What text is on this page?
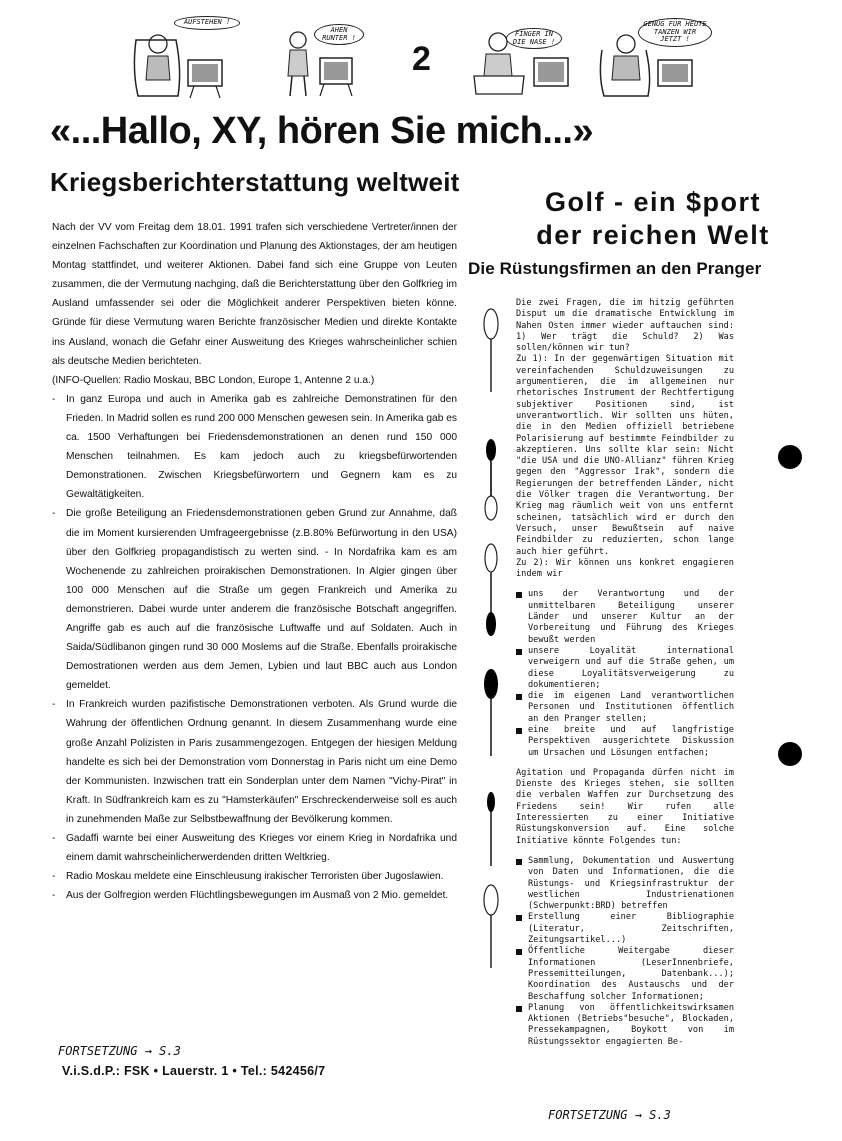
AUFSTEHEN !
AHEN
RUNTER !
2
FINGER IN
DIE NASE !
GENUG FÜR HEUTE
TANZEN WIR JETZT !
«...Hallo, XY, hören Sie mich...»
Kriegsberichterstattung weltweit

Nach der VV vom Freitag dem 18.01. 1991 trafen sich verschiedene Vertreter/innen der einzelnen Fachschaften zur Koordination und Planung des Aktionstages, der am heutigen Montag stattfindet, und weiterer Aktionen. Dabei fand sich eine Gruppe von Leuten zusammen, die der Vermutung nachging, daß die Berichterstattung über den Golfkrieg im Ausland umfassender sei oder die Möglichkeit anderer Perspektiven bieten könne. Gründe für diese Vermutung waren Berichte französischer Medien und direkte Kontakte ins Ausland, wonach die Gefahr einer Ausweitung des Krieges wahrscheinlicher schien als deutsche Medien berichteten.

(INFO-Quellen: Radio Moskau, BBC London, Europe 1, Antenne 2 u.a.)

- In ganz Europa und auch in Amerika gab es zahlreiche Demonstratinen für den Frieden. In Madrid sollen es rund 200 000 Menschen gewesen sein. In Amerika gab es ca. 1500 Verhaftungen bei Friedensdemonstrationen an denen rund 150 000 Menschen teilnahmen. Es kam jedoch auch zu kriegsbefürwortenden Demonstrationen. Zwischen Kriegsbefürwortern und Gegnern kam es zu Gewaltätigkeiten.

- Die große Beteiligung an Friedensdemonstrationen geben Grund zur Annahme, daß die im Moment kursierenden Umfrageergebnisse (z.B.80% Befürwortung in den USA) über den Golfkrieg propagandistisch zu werten sind. - In Nordafrika kam es am Wochenende zu zahlreichen proirakischen Demonstrationen. In Algier gingen über 100 000 Menschen auf die Straße um gegen Frankreich und Amerika zu demonstrieren. Dabei wurde unter anderem die französische Botschaft angegriffen. Angriffe gab es auch auf die französische Luftwaffe und auf Soldaten. Auch in Saida/Südlibanon gingen rund 30 000 Moslems auf die Straße. Ebenfalls proirakische Demostrationen werden aus dem Jemen, Lybien und laut BBC auch aus London gemeldet.

- In Frankreich wurden pazifistische Demonstrationen verboten. Als Grund wurde die Wahrung der öffentlichen Ordnung genannt. In diesem Zusammenhang wurde eine große Anzahl Polizisten in Paris zusammengezogen. Entgegen der hiesigen Meldung handelte es sich bei der Demonstration vom Donnerstag in Paris nicht um eine Demo der Kommunisten. Inzwischen tratt ein Sonderplan unter dem Namen "Vichy-Pirat" in Kraft. In Südfrankreich kam es zu "Hamsterkäufen" Erschreckenderweise soll es auch in zunehmenden Maße zur Selbstbewaffnung der Bevölkerung kommen.

- Gadaffi warnte bei einer Ausweitung des Krieges vor einem Krieg in Nordafrika und einem damit wahrscheinlicherwerdenden dritten Weltkrieg.

- Radio Moskau meldete eine Einschleusung irakischer Terroristen über Jugoslawien.

- Aus der Golfregion werden Flüchtlingsbewegungen im Ausmaß von 2 Mio. gemeldet.

FORTSETZUNG → S.3
V.i.S.d.P.: FSK • Lauerstr. 1 • Tel.: 542456/7
Golf - ein $port
der reichen Welt
Die Rüstungsfirmen an den Pranger

Die zwei Fragen, die im hitzig geführten Disput um die dramatische Entwicklung im Nahen Osten immer wieder auftauchen sind: 1) Wer trägt die Schuld? 2) Was sollen/können wir tun?

Zu 1): In der gegenwärtigen Situation mit vereinfachenden Schuldzuweisungen zu argumentieren, die im allgemeinen nur rhetorisches Instrument der Rechtfertigung subjektiver Positionen sind, ist unverantwortlich. Wir sollten uns hüten, die in den Medien offiziell betriebene Polarisierung auf bestimmte Feindbilder zu akzeptieren. Uns sollte klar sein: Nicht "die USA und die UNO-Allianz" führen Krieg gegen den "Aggressor Irak", sondern die Regierungen der betreffenden Länder, nicht die Völker tragen die Verantwortung. Der Krieg mag räumlich weit von uns entfernt scheinen, tatsächlich wird er durch den Versuch, unser Bewußtsein auf naive Feindbilder zu reduzierten, schon lange auch hier geführt.

Zu 2): Wir können uns konkret engagieren indem wir

uns der Verantwortung und der unmittelbaren Beteiligung unserer Länder und unserer Kultur an der Vorbereitung und Führung des Krieges bewußt werden

unsere Loyalität international verweigern und auf die Straße gehen, um diese Loyalitätsverweigerung zu dokumentieren;

die im eigenen Land verantwortlichen Personen und Institutionen öffentlich an den Pranger stellen;

eine breite und auf langfristige Perspektiven ausgerichtete Diskussion um Ursachen und Lösungen entfachen;

Agitation und Propaganda dürfen nicht im Dienste des Krieges stehen, sie sollten die verbalen Waffen zur Durchsetzung des Friedens sein! Wir rufen alle Interessierten zu einer Initiative Rüstungskonversion auf. Eine solche Initiative könnte Folgendes tun:

Sammlung, Dokumentation und Auswertung von Daten und Informationen, die die Rüstungs- und Kriegsinfrastruktur der westlichen Industrienationen (Schwerpunkt:BRD) betreffen

Erstellung einer Bibliographie (Literatur, Zeitschriften, Zeitungsartikel...)

Öffentliche Weitergabe dieser Informationen (LeserInnenbriefe, Pressemitteilungen, Datenbank...); Koordination des Austauschs und der Beschaffung solcher Informationen;

Planung von öffentlichkeitswirksamen Aktionen (Betriebs"besuche", Blockaden, Pressekampagnen, Boykott von im Rüstungssektor engagierten Be-

FORTSETZUNG → S.3
